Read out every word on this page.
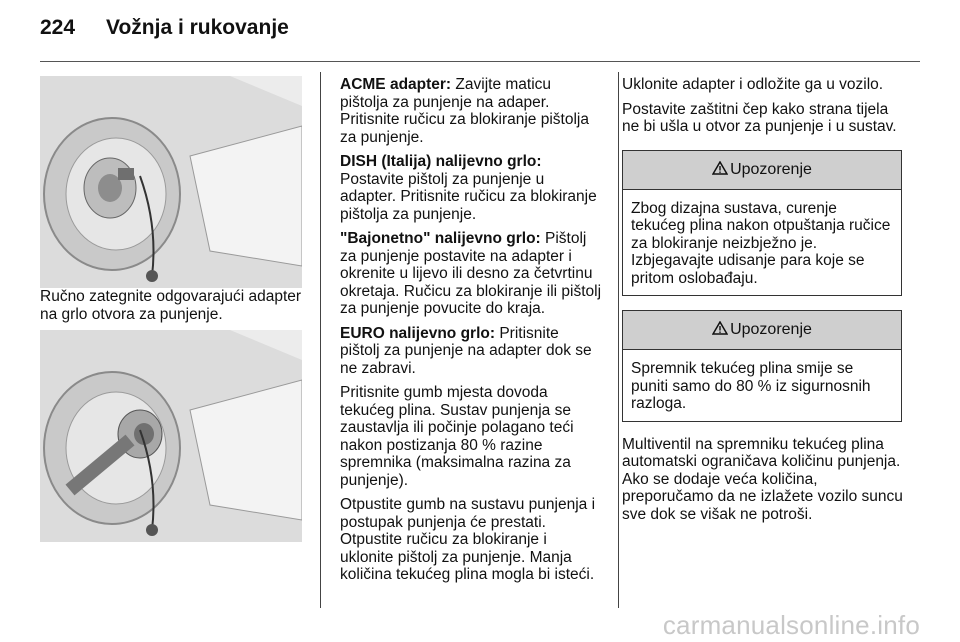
224 Vožnja i rukovanje

Ručno zategnite odgovarajući adapter na grlo otvora za punjenje.

ACME adapter: Zavijte maticu pištolja za punjenje na adaper. Pritisnite ručicu za blokiranje pištolja za punjenje.

DISH (Italija) nalijevno grlo: Postavite pištolj za punjenje u adapter. Pritisnite ručicu za blokiranje pištolja za punjenje.

"Bajonetno" nalijevno grlo: Pištolj za punjenje postavite na adapter i okrenite u lijevo ili desno za četvrtinu okretaja. Ručicu za blokiranje ili pištolj za punjenje povucite do kraja.

EURO nalijevno grlo: Pritisnite pištolj za punjenje na adapter dok se ne zabravi.

Pritisnite gumb mjesta dovoda tekućeg plina. Sustav punjenja se zaustavlja ili počinje polagano teći nakon postizanja 80 % razine spremnika (maksimalna razina za punjenje).

Otpustite gumb na sustavu punjenja i postupak punjenja će prestati. Otpustite ručicu za blokiranje i uklonite pištolj za punjenje. Manja količina tekućeg plina mogla bi isteći.

Uklonite adapter i odložite ga u vozilo.

Postavite zaštitni čep kako strana tijela ne bi ušla u otvor za punjenje i u sustav.

Upozorenje
Zbog dizajna sustava, curenje tekućeg plina nakon otpuštanja ručice za blokiranje neizbježno je. Izbjegavajte udisanje para koje se pritom oslobađaju.
Upozorenje
Spremnik tekućeg plina smije se puniti samo do 80 % iz sigurnosnih razloga.

Multiventil na spremniku tekućeg plina automatski ograničava količinu punjenja. Ako se dodaje veća količina, preporučamo da ne izlažete vozilo suncu sve dok se višak ne potroši.

carmanualsonline.info
